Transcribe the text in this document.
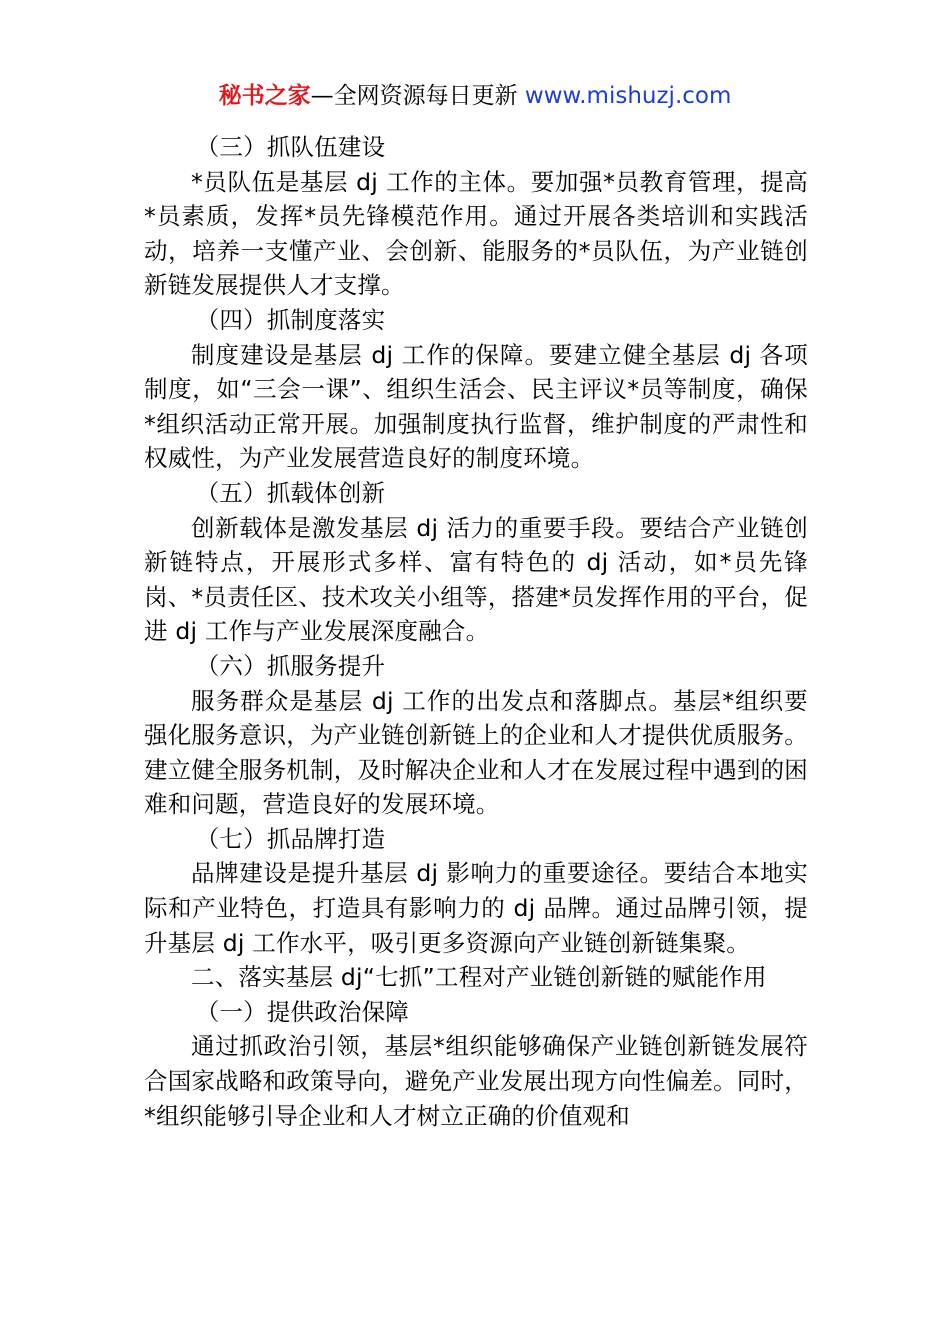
秘书之家—全网资源每日更新 www.mishuzj.com

（三）抓队伍建设

*员队伍是基层 dj 工作的主体。要加强*员教育管理，提高*员素质，发挥*员先锋模范作用。通过开展各类培训和实践活动，培养一支懂产业、会创新、能服务的*员队伍，为产业链创新链发展提供人才支撑。

（四）抓制度落实

制度建设是基层 dj 工作的保障。要建立健全基层 dj 各项制度，如“三会一课”、组织生活会、民主评议*员等制度，确保*组织活动正常开展。加强制度执行监督，维护制度的严肃性和权威性，为产业发展营造良好的制度环境。

（五）抓载体创新

创新载体是激发基层 dj 活力的重要手段。要结合产业链创新链特点，开展形式多样、富有特色的 dj 活动，如*员先锋岗、*员责任区、技术攻关小组等，搭建*员发挥作用的平台，促进 dj 工作与产业发展深度融合。

（六）抓服务提升

服务群众是基层 dj 工作的出发点和落脚点。基层*组织要强化服务意识，为产业链创新链上的企业和人才提供优质服务。建立健全服务机制，及时解决企业和人才在发展过程中遇到的困难和问题，营造良好的发展环境。

（七）抓品牌打造

品牌建设是提升基层 dj 影响力的重要途径。要结合本地实际和产业特色，打造具有影响力的 dj 品牌。通过品牌引领，提升基层 dj 工作水平，吸引更多资源向产业链创新链集聚。

二、落实基层 dj“七抓”工程对产业链创新链的赋能作用

（一）提供政治保障

通过抓政治引领，基层*组织能够确保产业链创新链发展符合国家战略和政策导向，避免产业发展出现方向性偏差。同时，*组织能够引导企业和人才树立正确的价值观和
